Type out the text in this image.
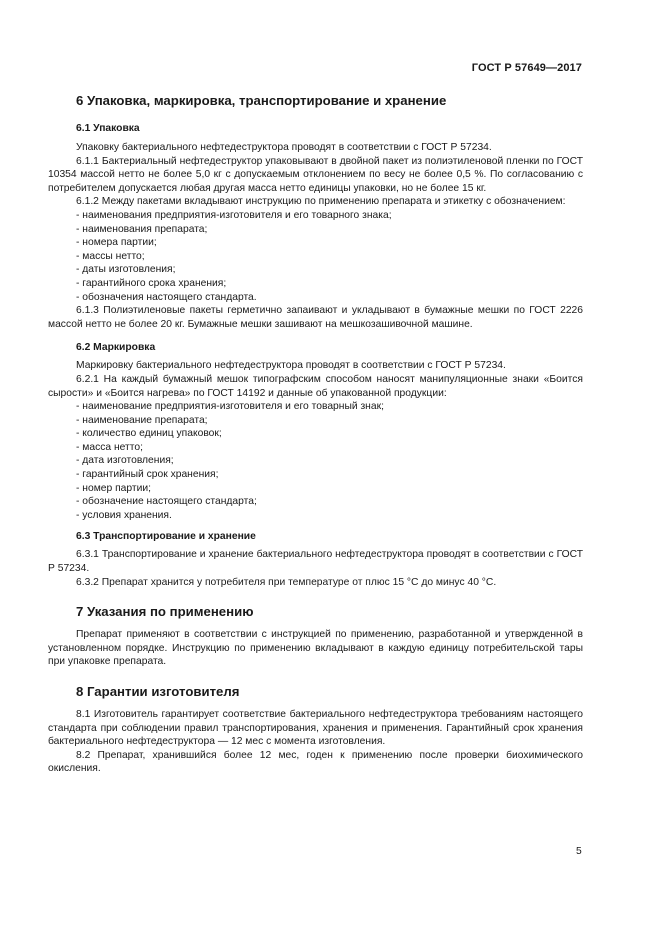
ГОСТ Р 57649—2017
6 Упаковка, маркировка, транспортирование и хранение
6.1 Упаковка

Упаковку бактериального нефтедеструктора проводят в соответствии с ГОСТ Р 57234.

6.1.1 Бактериальный нефтедеструктор упаковывают в двойной пакет из полиэтиленовой пленки по ГОСТ 10354 массой нетто не более 5,0 кг с допускаемым отклонением по весу не более 0,5 %. По согласованию с потребителем допускается любая другая масса нетто единицы упаковки, но не более 15 кг.

6.1.2 Между пакетами вкладывают инструкцию по применению препарата и этикетку с обозначением:

- наименования предприятия-изготовителя и его товарного знака;

- наименования препарата;

- номера партии;

- массы нетто;

- даты изготовления;

- гарантийного срока хранения;

- обозначения настоящего стандарта.

6.1.3 Полиэтиленовые пакеты герметично запаивают и укладывают в бумажные мешки по ГОСТ 2226 массой нетто не более 20 кг. Бумажные мешки зашивают на мешкозашивочной машине.

6.2 Маркировка

Маркировку бактериального нефтедеструктора проводят в соответствии с ГОСТ Р 57234.

6.2.1 На каждый бумажный мешок типографским способом наносят манипуляционные знаки «Боится сырости» и «Боится нагрева» по ГОСТ 14192 и данные об упакованной продукции:

- наименование предприятия-изготовителя и его товарный знак;

- наименование препарата;

- количество единиц упаковок;

- масса нетто;

- дата изготовления;

- гарантийный срок хранения;

- номер партии;

- обозначение настоящего стандарта;

- условия хранения.

6.3 Транспортирование и хранение

6.3.1 Транспортирование и хранение бактериального нефтедеструктора проводят в соответствии с ГОСТ Р 57234.

6.3.2 Препарат хранится у потребителя при температуре от плюс 15 °С до минус 40 °С.

7 Указания по применению

Препарат применяют в соответствии с инструкцией по применению, разработанной и утвержденной в установленном порядке. Инструкцию по применению вкладывают в каждую единицу потребительской тары при упаковке препарата.

8 Гарантии изготовителя

8.1 Изготовитель гарантирует соответствие бактериального нефтедеструктора требованиям настоящего стандарта при соблюдении правил транспортирования, хранения и применения. Гарантийный срок хранения бактериального нефтедеструктора — 12 мес с момента изготовления.

8.2 Препарат, хранившийся более 12 мес, годен к применению после проверки биохимического окисления.

5
